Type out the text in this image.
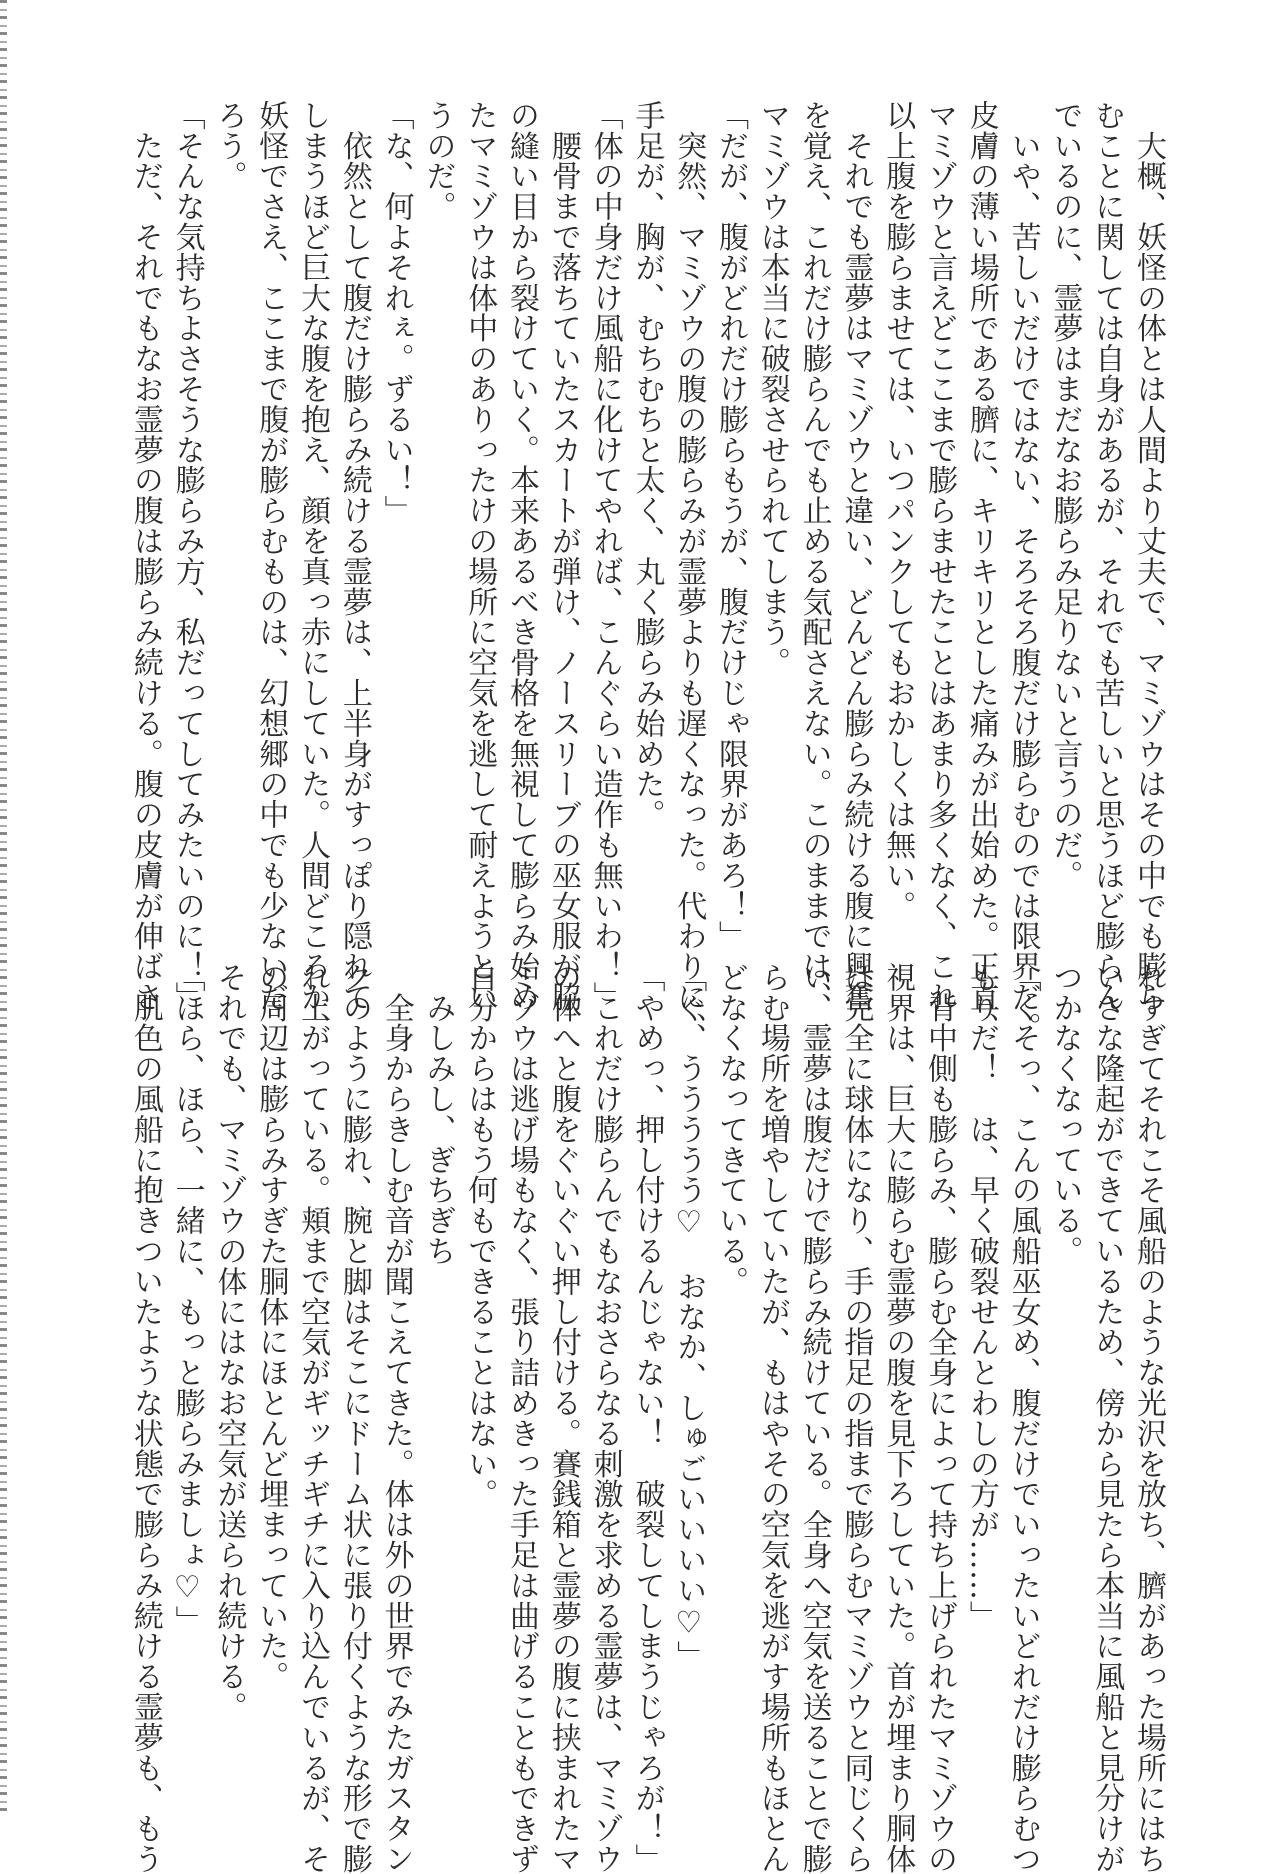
　大概、妖怪の体とは人間より丈夫で、マミゾウはその中でも膨ら
むことに関しては自身があるが、それでも苦しいと思うほど膨らん
でいるのに、霊夢はまだなお膨らみ足りないと言うのだ。
　いや、苦しいだけではない、そろそろ腹だけ膨らむのでは限界だ。
皮膚の薄い場所である臍に、キリキリとした痛みが出始めた。正直、
マミゾウと言えどここまで膨らませたことはあまり多くなく、これ
以上腹を膨らませては、いつパンクしてもおかしくは無い。
　それでも霊夢はマミゾウと違い、どんどん膨らみ続ける腹に興奮
を覚え、これだけ膨らんでも止める気配さえない。このままでは、
マミゾウは本当に破裂させられてしまう。
「だが、腹がどれだけ膨らもうが、腹だけじゃ限界があろ！」
　突然、マミゾウの腹の膨らみが霊夢よりも遅くなった。代わりに、
手足が、胸が、むちむちと太く、丸く膨らみ始めた。
「体の中身だけ風船に化けてやれば、こんぐらい造作も無いわ！」
　腰骨まで落ちていたスカートが弾け、ノースリーブの巫女服が脇
の縫い目から裂けていく。本来あるべき骨格を無視して膨らみ始め
たマミゾウは体中のありったけの場所に空気を逃して耐えようとい
うのだ。
「な、何よそれぇ。ずるい！」
　依然として腹だけ膨らみ続ける霊夢は、上半身がすっぽり隠れて
しまうほど巨大な腹を抱え、顔を真っ赤にしていた。人間どころか、
妖怪でさえ、ここまで腹が膨らむものは、幻想郷の中でも少ないだ
ろう。
「そんな気持ちよさそうな膨らみ方、私だってしてみたいのに！」
　ただ、それでもなお霊夢の腹は膨らみ続ける。腹の皮膚が伸ばさ
れすぎてそれこそ風船のような光沢を放ち、臍があった場所にはち
いさな隆起ができているため、傍から見たら本当に風船と見分けが
つかなくなっている。
「くそっ、こんの風船巫女め、腹だけでいったいどれだけ膨らむつ
もりだ！　は、早く破裂せんとわしの方が……」
　背中側も膨らみ、膨らむ全身によって持ち上げられたマミゾウの
視界は、巨大に膨らむ霊夢の腹を見下ろしていた。首が埋まり胴体
は完全に球体になり、手の指足の指まで膨らむマミゾウと同じくら
い、霊夢は腹だけで膨らみ続けている。全身へ空気を送ることで膨
らむ場所を増やしていたが、もはやその空気を逃がす場所もほとん
どなくなってきている。
「ぐ、ううううう♡　おなか、しゅごいいいい♡」
「やめっ、押し付けるんじゃない！　破裂してしまうじゃろが！」
　これだけ膨らんでもなおさらなる刺激を求める霊夢は、マミゾウ
の体へと腹をぐいぐい押し付ける。賽銭箱と霊夢の腹に挟まれたマ
ミゾウは逃げ場もなく、張り詰めきった手足は曲げることもできず
自分からはもう何もできることはない。
　みしみし、ぎちぎち
　全身からきしむ音が聞こえてきた。体は外の世界でみたガスタン
クのように膨れ、腕と脚はそこにドーム状に張り付くような形で膨
れ上がっている。頬まで空気がギッチギチに入り込んでいるが、そ
の周辺は膨らみすぎた胴体にほとんど埋まっていた。
それでも、マミゾウの体にはなお空気が送られ続ける。
「ほら、ほら、一緒に、もっと膨らみましょ♡」
　肌色の風船に抱きついたような状態で膨らみ続ける霊夢も、もう
